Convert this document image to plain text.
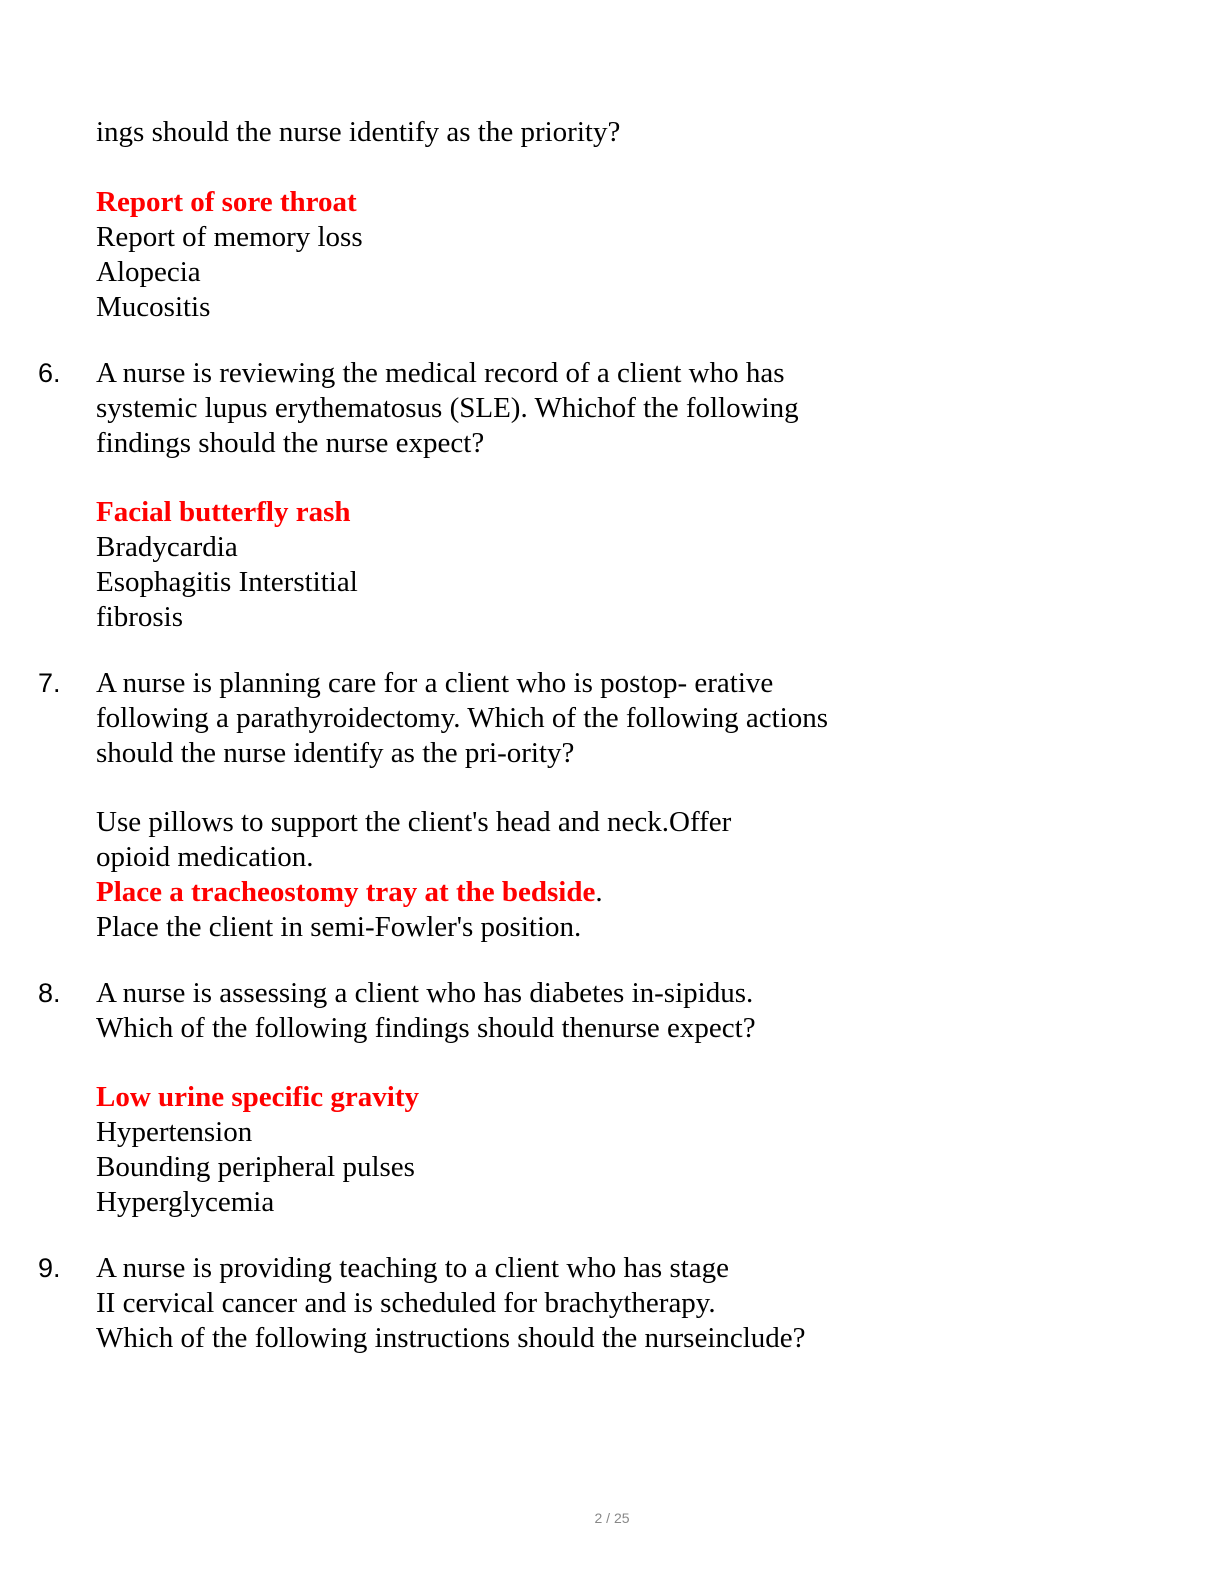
ings should the nurse identify as the priority?
Report of sore throat
Report of memory loss
Alopecia
Mucositis
6. A nurse is reviewing the medical record of a client who has
systemic lupus erythematosus (SLE). Whichof the following
findings should the nurse expect?
Facial butterfly rash
Bradycardia
Esophagitis Interstitial
fibrosis
7. A nurse is planning care for a client who is postop- erative
following a parathyroidectomy. Which of the following actions
should the nurse identify as the pri-ority?
Use pillows to support the client's head and neck.Offer
opioid medication.
Place a tracheostomy tray at the bedside.
Place the client in semi-Fowler's position.
8. A nurse is assessing a client who has diabetes in-sipidus.
Which of the following findings should thenurse expect?
Low urine specific gravity
Hypertension
Bounding peripheral pulses
Hyperglycemia
9. A nurse is providing teaching to a client who has stage
II cervical cancer and is scheduled for brachytherapy.
Which of the following instructions should the nurseinclude?
2 / 25
